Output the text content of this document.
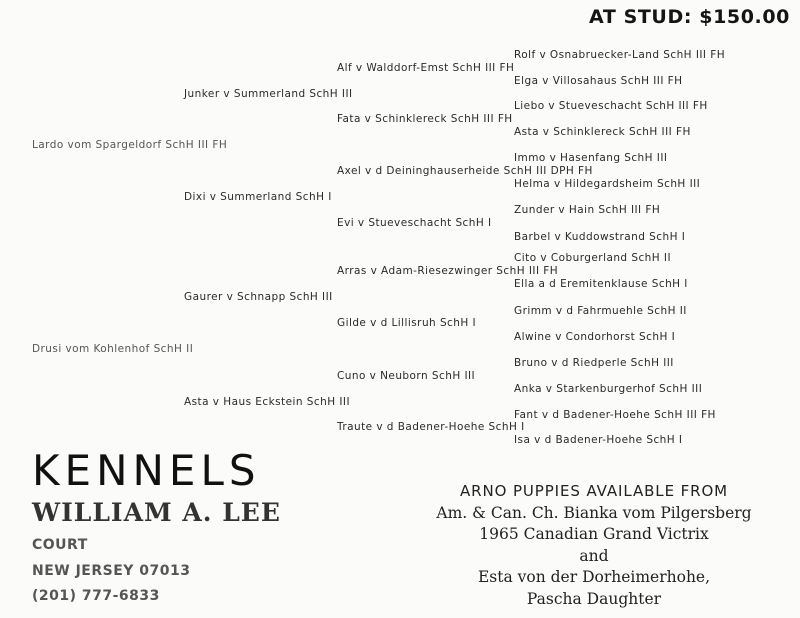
AT STUD: $150.00
Lardo vom Spargeldorf SchH III FH
Drusi vom Kohlenhof SchH II
Junker v Summerland SchH III
Dixi v Summerland SchH I
Gaurer v Schnapp SchH III
Asta v Haus Eckstein SchH III
Alf v Walddorf-Emst SchH III FH
Fata v Schinklereck SchH III FH
Axel v d Deininghauserheide SchH III DPH FH
Evi v Stueveschacht SchH I
Arras v Adam-Riesezwinger SchH III FH
Gilde v d Lillisruh SchH I
Cuno v Neuborn SchH III
Traute v d Badener-Hoehe SchH I
Rolf v Osnabruecker-Land SchH III FH
Elga v Villosahaus SchH III FH
Liebo v Stueveschacht SchH III FH
Asta v Schinklereck SchH III FH
Immo v Hasenfang SchH III
Helma v Hildegardsheim SchH III
Zunder v Hain SchH III FH
Barbel v Kuddowstrand SchH I
Cito v Coburgerland SchH II
Ella a d Eremitenklause SchH I
Grimm v d Fahrmuehle SchH II
Alwine v Condorhorst SchH I
Bruno v d Riedperle SchH III
Anka v Starkenburgerhof SchH III
Fant v d Badener-Hoehe SchH III FH
Isa v d Badener-Hoehe SchH I
KENNELS
WILLIAM A. LEE
COURT
NEW JERSEY 07013
(201) 777-6833
ARNO PUPPIES AVAILABLE FROM
Am. & Can. Ch. Bianka vom Pilgersberg
1965 Canadian Grand Victrix
and
Esta von der Dorheimerhohe,
Pascha Daughter
